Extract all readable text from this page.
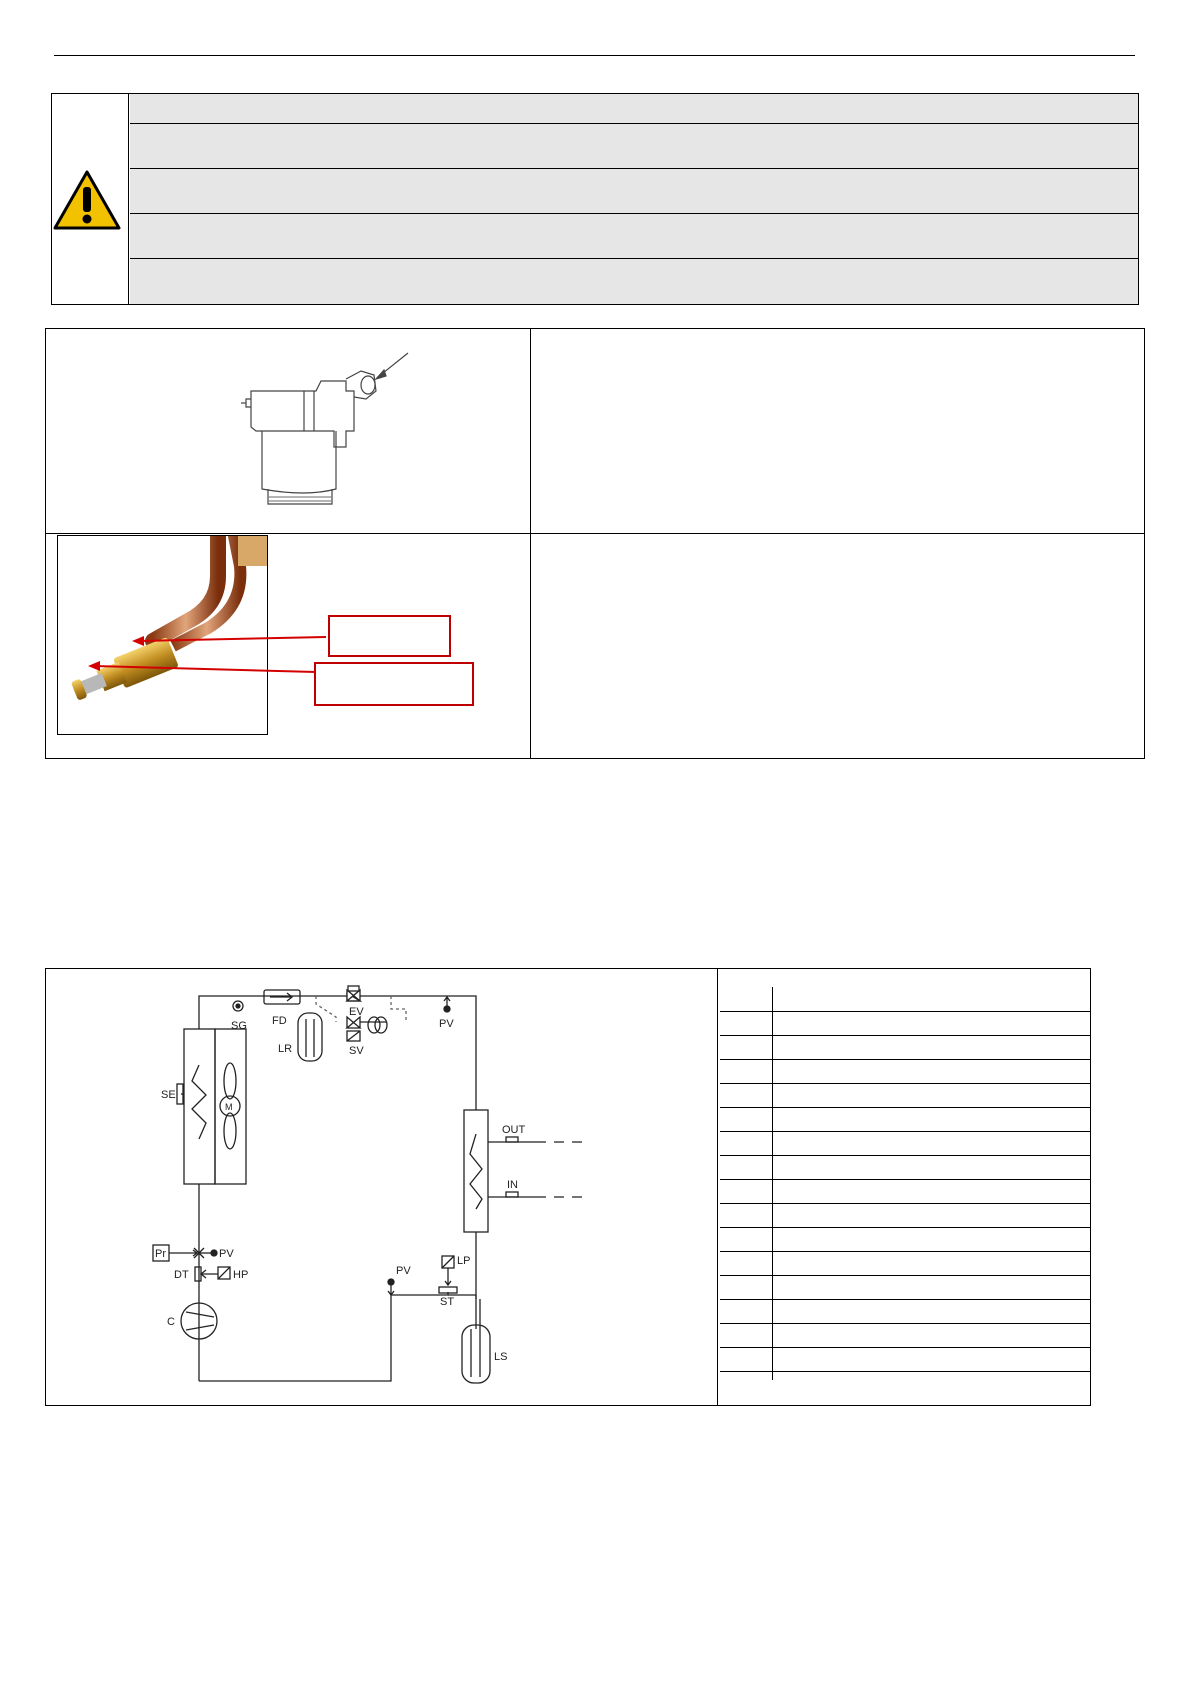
SG FD
LR
EV
SV
PV
SE
M
OUT
IN
Pr	PV
DT	HP
C
PV
LP
ST
LS
